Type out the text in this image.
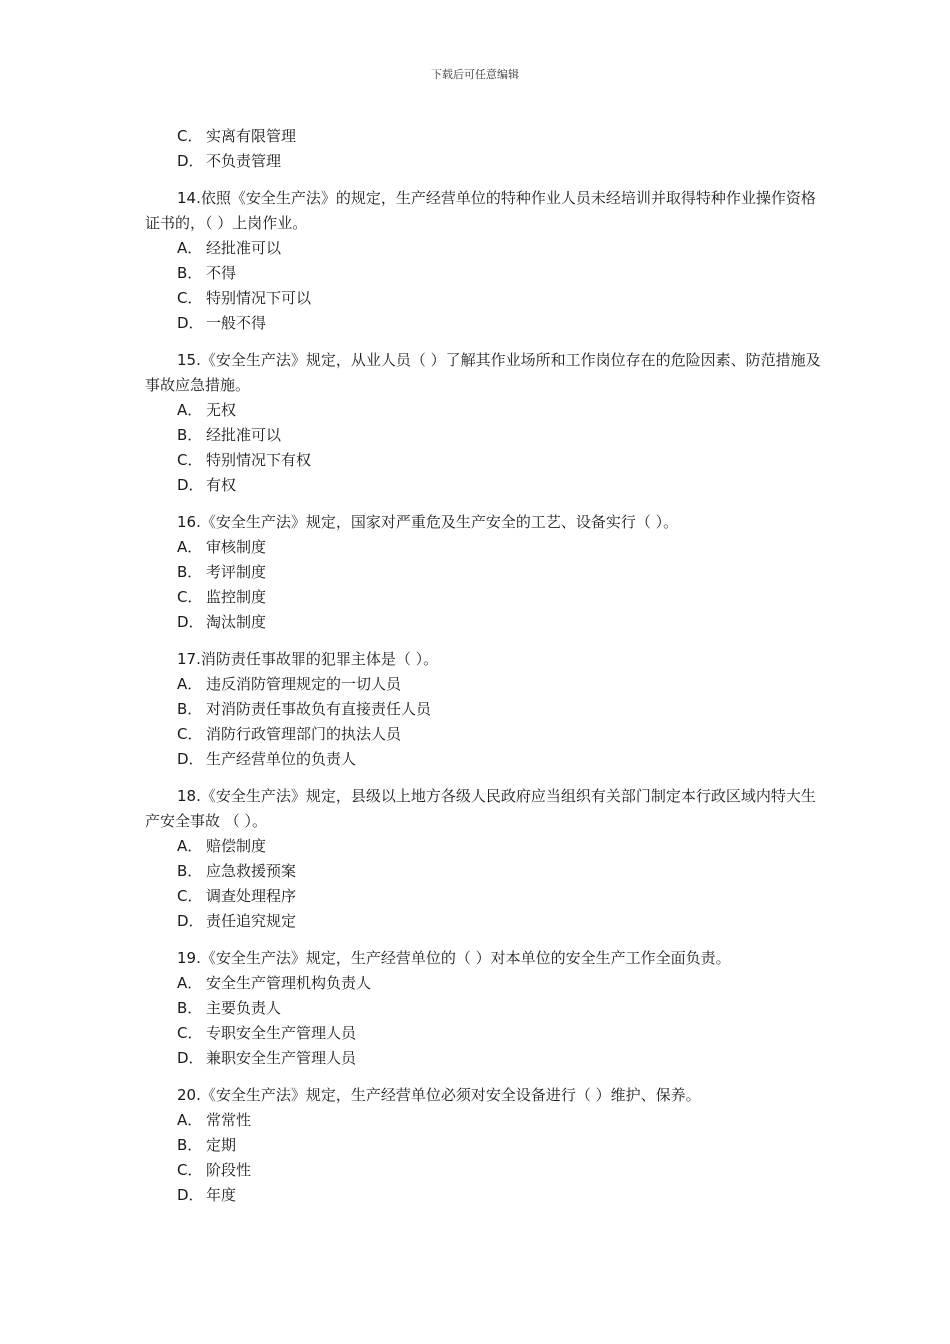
下载后可任意编辑
C． 实离有限管理
D． 不负责管理
14.依照《安全生产法》的规定，生产经营单位的特种作业人员未经培训并取得特种作业操作资格证书的，（ ）上岗作业。
A． 经批准可以
B． 不得
C． 特别情况下可以
D． 一般不得
15.《安全生产法》规定，从业人员（ ）了解其作业场所和工作岗位存在的危险因素、防范措施及事故应急措施。
A． 无权
B． 经批准可以
C． 特别情况下有权
D． 有权
16.《安全生产法》规定，国家对严重危及生产安全的工艺、设备实行（ ）。
A． 审核制度
B． 考评制度
C． 监控制度
D． 淘汰制度
17.消防责任事故罪的犯罪主体是（ ）。
A． 违反消防管理规定的一切人员
B． 对消防责任事故负有直接责任人员
C． 消防行政管理部门的执法人员
D． 生产经营单位的负责人
18.《安全生产法》规定，县级以上地方各级人民政府应当组织有关部门制定本行政区域内特大生产安全事故 （ ）。
A． 赔偿制度
B． 应急救援预案
C． 调查处理程序
D． 责任追究规定
19.《安全生产法》规定，生产经营单位的（ ）对本单位的安全生产工作全面负责。
A． 安全生产管理机构负责人
B． 主要负责人
C． 专职安全生产管理人员
D． 兼职安全生产管理人员
20.《安全生产法》规定，生产经营单位必须对安全设备进行（ ）维护、保养。
A． 常常性
B． 定期
C． 阶段性
D． 年度
